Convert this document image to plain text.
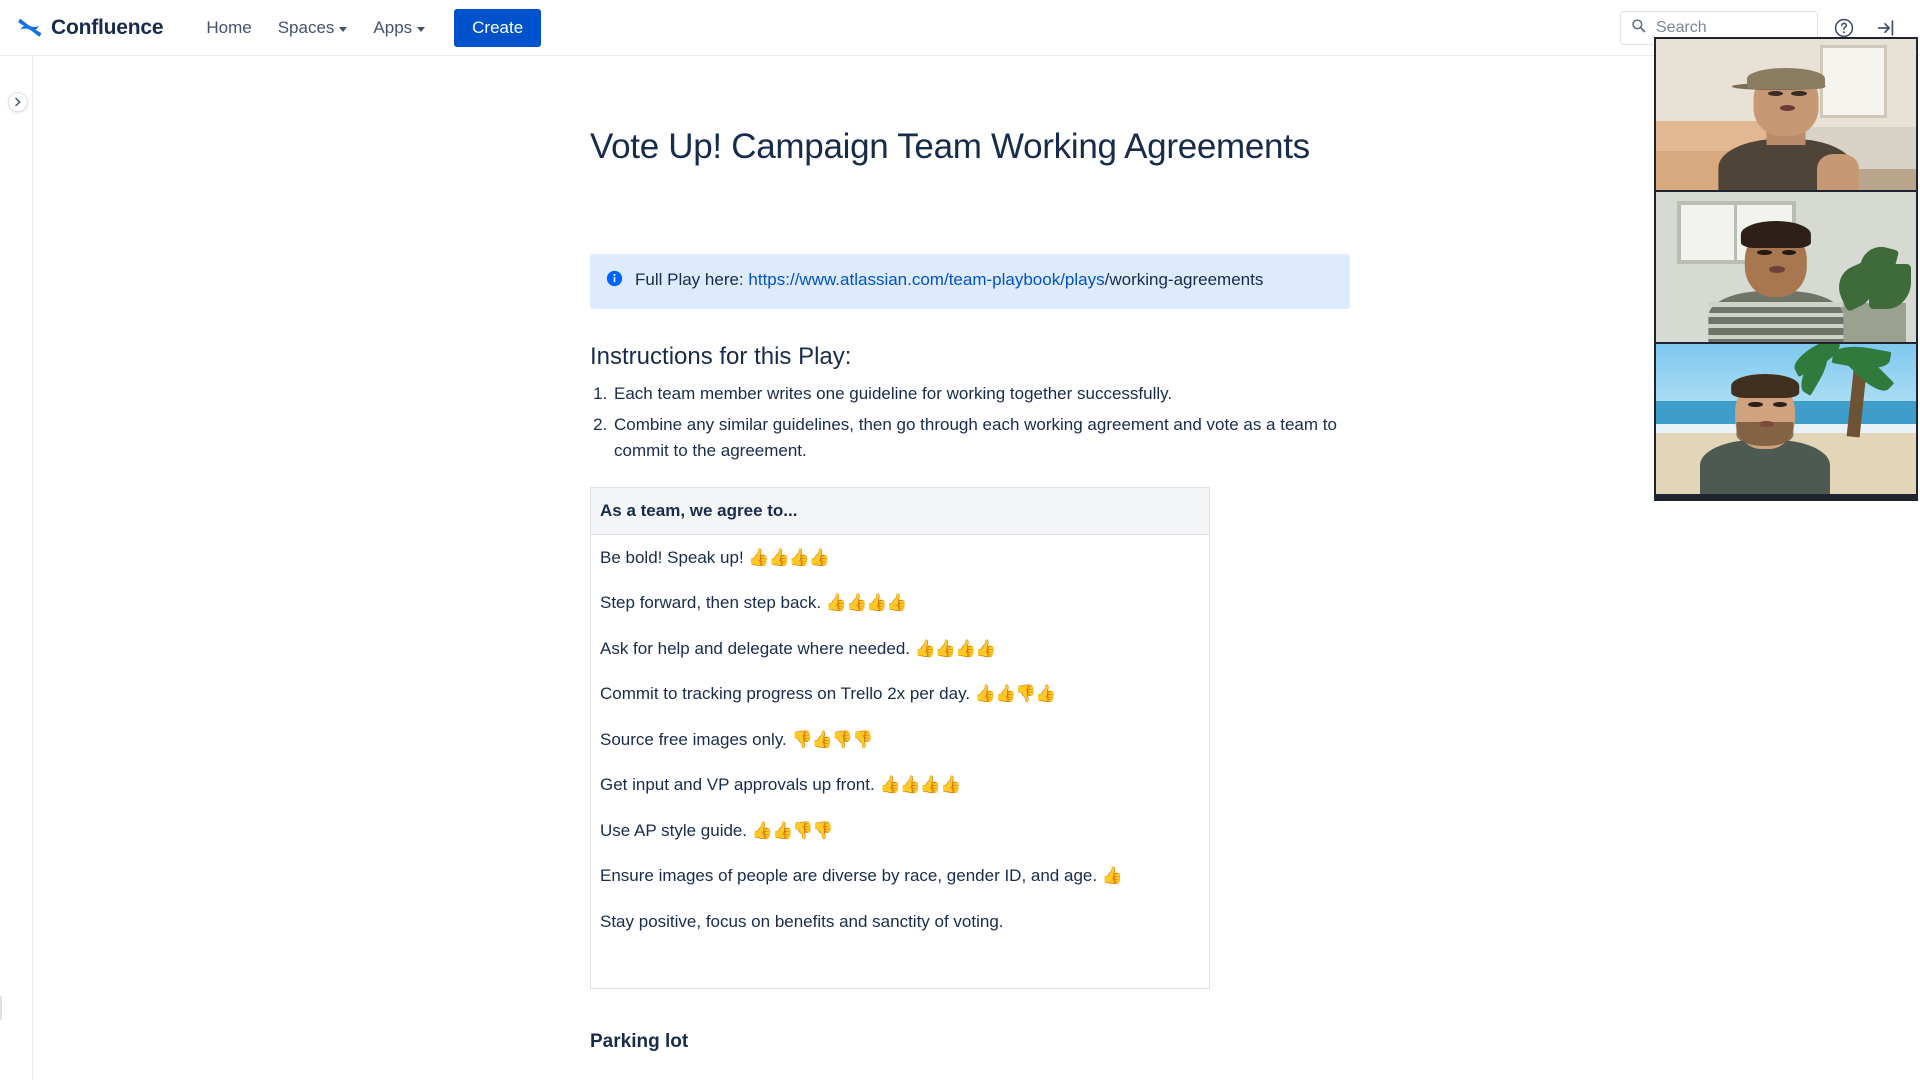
Confluence	Home Spaces Apps	Create
Search
Vote Up! Campaign Team Working Agreements
Full Play here: https://www.atlassian.com/team-playbook/plays/working-agreements
Instructions for this Play:
1. Each team member writes one guideline for working together successfully.
2. Combine any similar guidelines, then go through each working agreement and vote as a team to commit to the agreement.
As a team, we agree to...
Be bold! Speak up! 👍👍👍👍
Step forward, then step back. 👍👍👍👍
Ask for help and delegate where needed. 👍👍👍👍
Commit to tracking progress on Trello 2x per day. 👍👍👎👍
Source free images only. 👎👍👎👎
Get input and VP approvals up front. 👍👍👍👍
Use AP style guide. 👍👍👎👎
Ensure images of people are diverse by race, gender ID, and age. 👍
Stay positive, focus on benefits and sanctity of voting.

Parking lot
